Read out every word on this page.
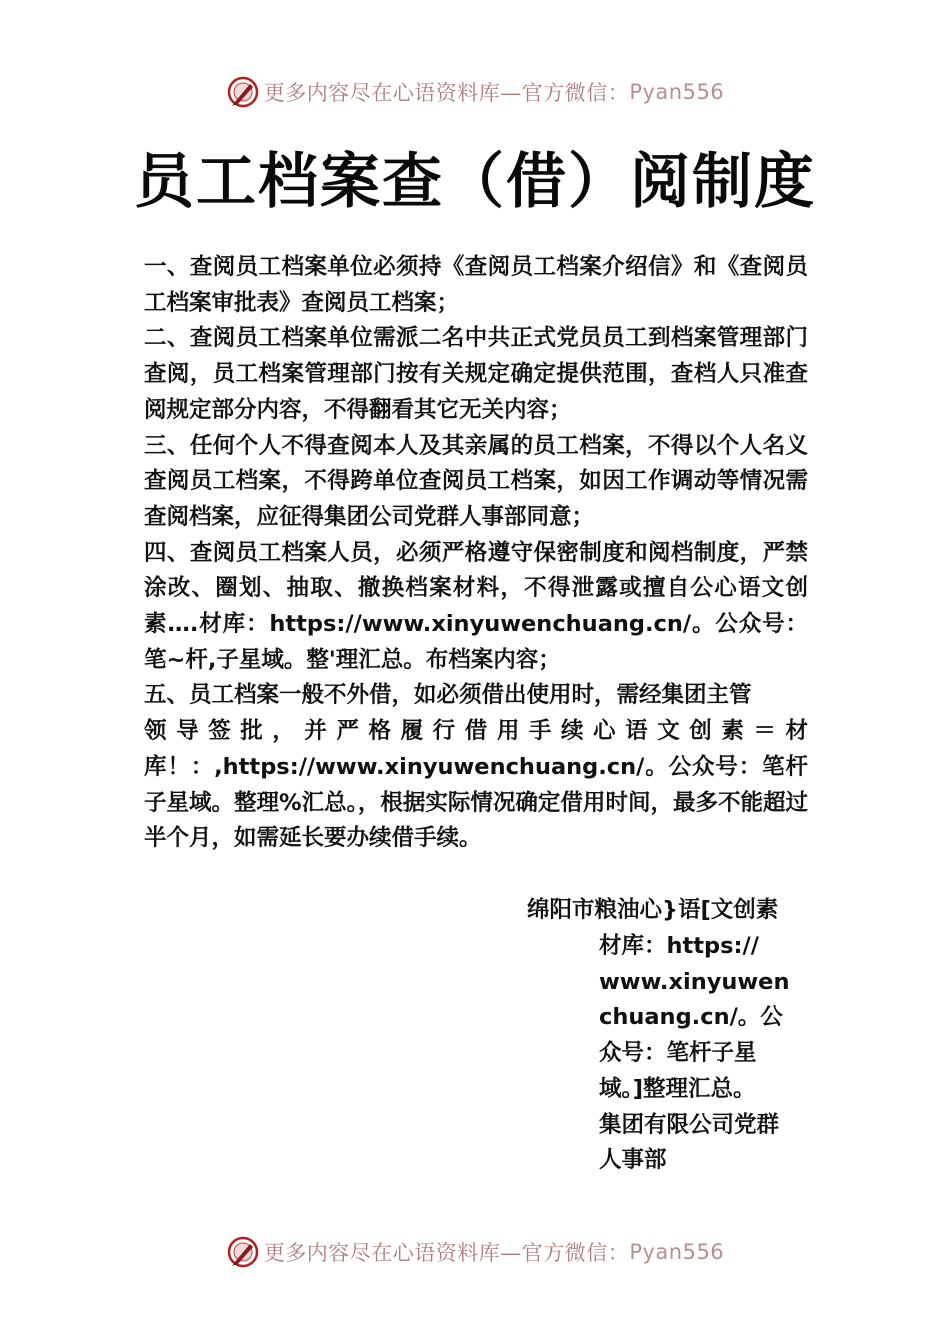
更多内容尽在心语资料库—官方微信： Pyan556
员工档案查（借）阅制度

一、查阅员工档案单位必须持《查阅员工档案介绍信》和《查阅员工档案审批表》查阅员工档案；

二、查阅员工档案单位需派二名中共正式党员员工到档案管理部门查阅，员工档案管理部门按有关规定确定提供范围，查档人只准查阅规定部分内容，不得翻看其它无关内容；

三、任何个人不得查阅本人及其亲属的员工档案，不得以个人名义查阅员工档案，不得跨单位查阅员工档案，如因工作调动等情况需查阅档案，应征得集团公司党群人事部同意；

四、查阅员工档案人员，必须严格遵守保密制度和阅档制度，严禁涂改、圈划、抽取、撤换档案材料，不得泄露或擅自公心语文创素….材库：https://www.xinyuwenchuang.cn/。公众号：笔~杆,子星域。整'理汇总。布档案内容；

五、员工档案一般不外借，如必须借出使用时，需经集团主管

领导签批，并严格履行借用手续心语文创素＝材

库！：,https://www.xinyuwenchuang.cn/。公众号：笔杆子星域。整理%汇总。，根据实际情况确定借用时间，最多不能超过半个月，如需延长要办续借手续。

绵阳市粮油心}语[文创素
材库：https://
www.xinyuwen
chuang.cn/。公
众号：笔杆子星
域。]整理汇总。
集团有限公司党群
人事部
更多内容尽在心语资料库—官方微信： Pyan556
